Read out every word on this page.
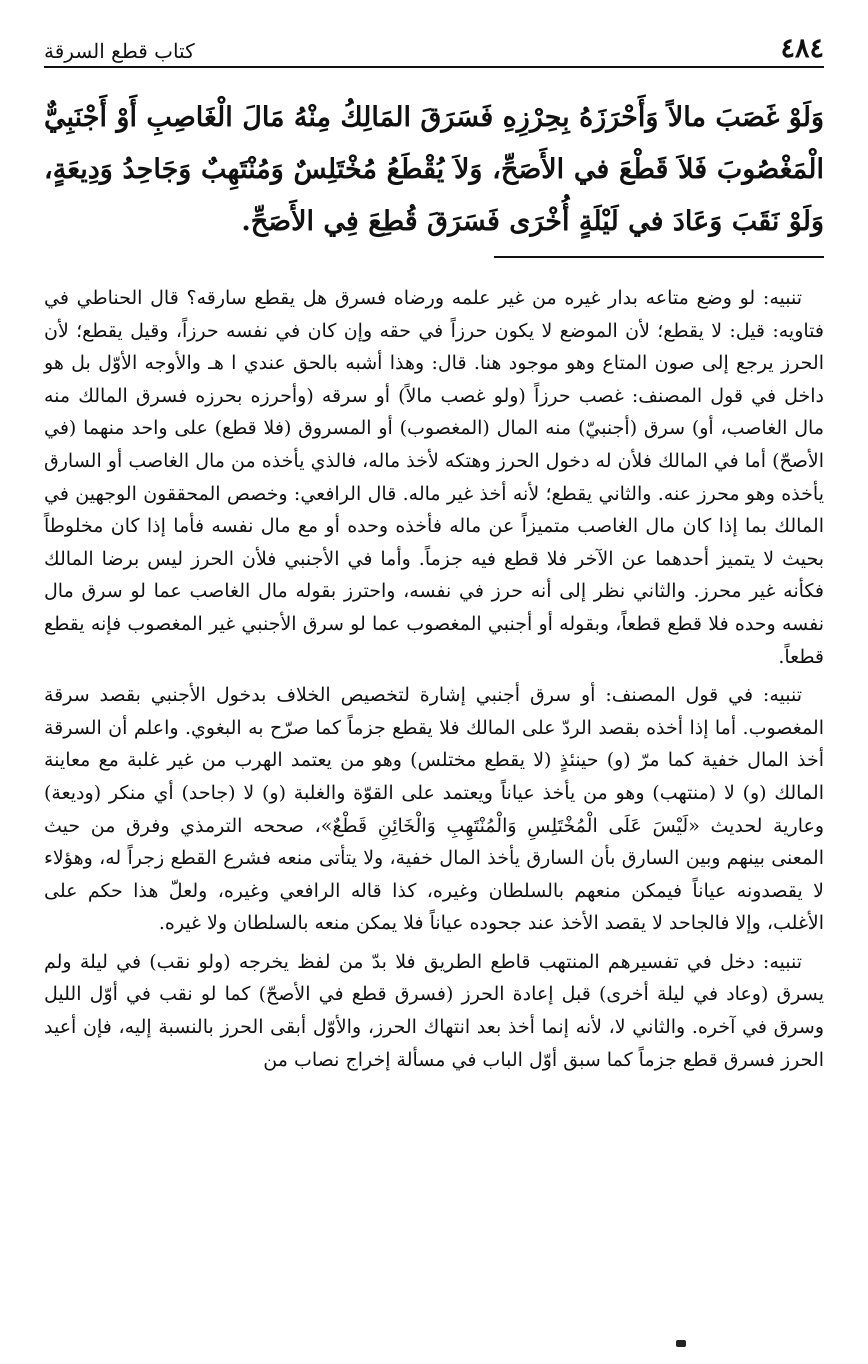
٤٨٤
كتاب قطع السرقة

وَلَوْ غَصَبَ مالاً وَأَحْرَزَهُ بِحِرْزِهِ فَسَرَقَ المَالِكُ مِنْهُ مَالَ الْغَاصِبِ أَوْ أَجْنَبِيٌّ الْمَغْصُوبَ فَلاَ قَطْعَ في الأَصَحِّ، وَلاَ يُقْطَعُ مُخْتَلِسٌ وَمُنْتَهِبٌ وَجَاحِدُ وَدِيعَةٍ، وَلَوْ نَقَبَ وَعَادَ في لَيْلَةٍ أُخْرَى فَسَرَقَ قُطِعَ فِي الأَصَحِّ.

تنبيه: لو وضع متاعه بدار غيره من غير علمه ورضاه فسرق هل يقطع سارقه؟ قال الحناطي في فتاويه: قيل: لا يقطع؛ لأن الموضع لا يكون حرزاً في حقه وإن كان في نفسه حرزاً، وقيل يقطع؛ لأن الحرز يرجع إلى صون المتاع وهو موجود هنا. قال: وهذا أشبه بالحق عندي ا هـ والأوجه الأوّل بل هو داخل في قول المصنف: غصب حرزاً (ولو غصب مالاً) أو سرقه (وأحرزه بحرزه فسرق المالك منه مال الغاصب، أو) سرق (أجنبيّ) منه المال (المغصوب) أو المسروق (فلا قطع) على واحد منهما (في الأصحّ) أما في المالك فلأن له دخول الحرز وهتكه لأخذ ماله، فالذي يأخذه من مال الغاصب أو السارق يأخذه وهو محرز عنه. والثاني يقطع؛ لأنه أخذ غير ماله. قال الرافعي: وخصص المحققون الوجهين في المالك بما إذا كان مال الغاصب متميزاً عن ماله فأخذه وحده أو مع مال نفسه فأما إذا كان مخلوطاً بحيث لا يتميز أحدهما عن الآخر فلا قطع فيه جزماً. وأما في الأجنبي فلأن الحرز ليس برضا المالك فكأنه غير محرز. والثاني نظر إلى أنه حرز في نفسه، واحترز بقوله مال الغاصب عما لو سرق مال نفسه وحده فلا قطع قطعاً، وبقوله أو أجنبي المغصوب عما لو سرق الأجنبي غير المغصوب فإنه يقطع قطعاً.

تنبيه: في قول المصنف: أو سرق أجنبي إشارة لتخصيص الخلاف بدخول الأجنبي بقصد سرقة المغصوب. أما إذا أخذه بقصد الردّ على المالك فلا يقطع جزماً كما صرّح به البغوي. واعلم أن السرقة أخذ المال خفية كما مرّ (و) حينئذٍ (لا يقطع مختلس) وهو من يعتمد الهرب من غير غلبة مع معاينة المالك (و) لا (منتهب) وهو من يأخذ عياناً ويعتمد على القوّة والغلبة (و) لا (جاحد) أي منكر (وديعة) وعارية لحديث «لَيْسَ عَلَى الْمُخْتَلِسِ وَالْمُنْتَهِبِ وَالْخَائِنِ قَطْعٌ»، صححه الترمذي وفرق من حيث المعنى بينهم وبين السارق بأن السارق يأخذ المال خفية، ولا يتأتى منعه فشرع القطع زجراً له، وهؤلاء لا يقصدونه عياناً فيمكن منعهم بالسلطان وغيره، كذا قاله الرافعي وغيره، ولعلّ هذا حكم على الأغلب، وإلا فالجاحد لا يقصد الأخذ عند جحوده عياناً فلا يمكن منعه بالسلطان ولا غيره.

تنبيه: دخل في تفسيرهم المنتهب قاطع الطريق فلا بدّ من لفظ يخرجه (ولو نقب) في ليلة ولم يسرق (وعاد في ليلة أخرى) قبل إعادة الحرز (فسرق قطع في الأصحّ) كما لو نقب في أوّل الليل وسرق في آخره. والثاني لا، لأنه إنما أخذ بعد انتهاك الحرز، والأوّل أبقى الحرز بالنسبة إليه، فإن أعيد الحرز فسرق قطع جزماً كما سبق أوّل الباب في مسألة إخراج نصاب من
